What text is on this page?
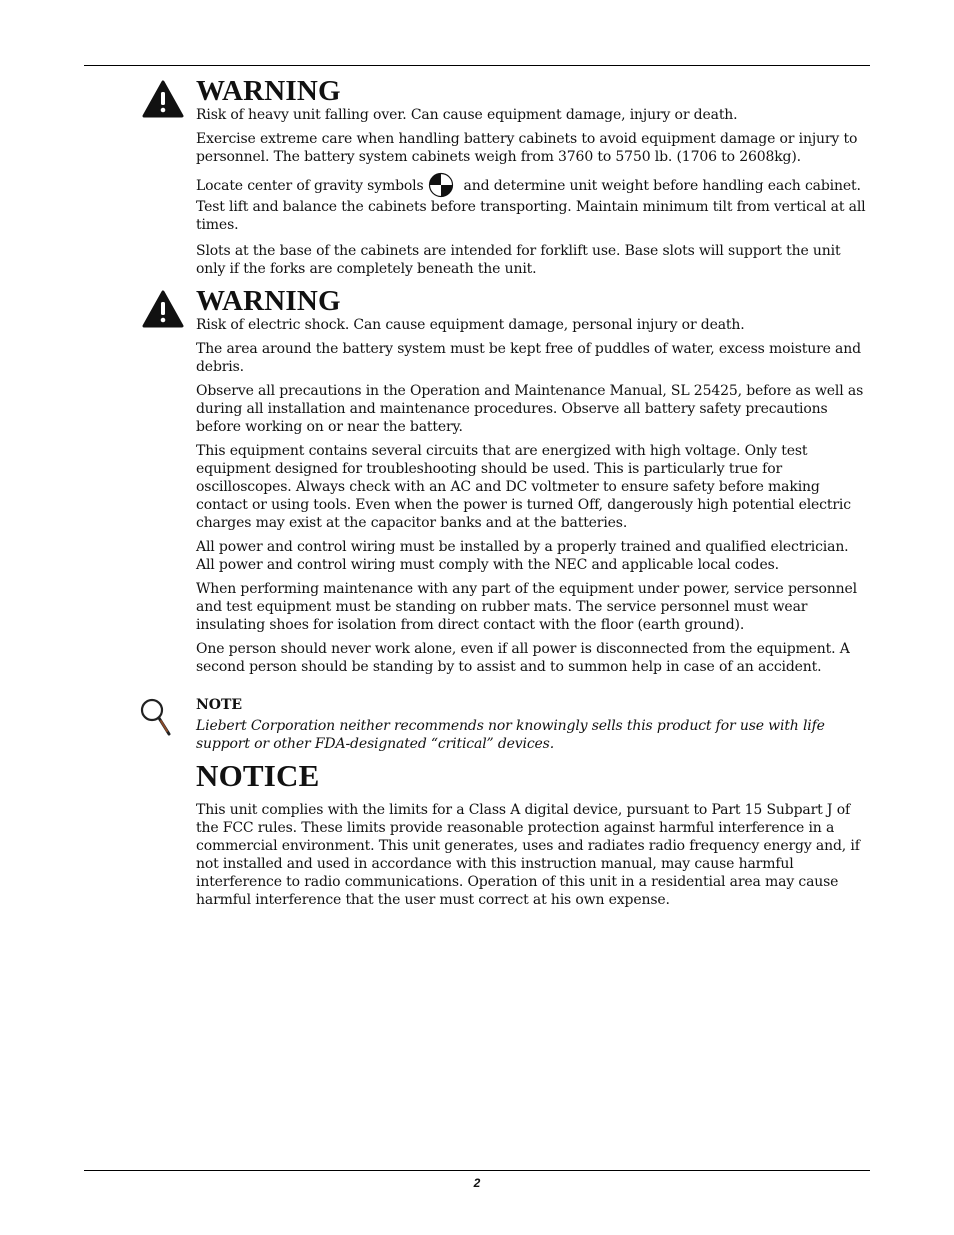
WARNING

Risk of heavy unit falling over. Can cause equipment damage, injury or death.

Exercise extreme care when handling battery cabinets to avoid equipment damage or injury to personnel. The battery system cabinets weigh from 3760 to 5750 lb. (1706 to 2608kg).

Locate center of gravity symbols	and determine unit weight before handling each cabinet. Test lift and balance the cabinets before transporting. Maintain minimum tilt from vertical at all times.

Slots at the base of the cabinets are intended for forklift use. Base slots will support the unit only if the forks are completely beneath the unit.

WARNING

Risk of electric shock. Can cause equipment damage, personal injury or death.

The area around the battery system must be kept free of puddles of water, excess moisture and debris.

Observe all precautions in the Operation and Maintenance Manual, SL 25425, before as well as during all installation and maintenance procedures. Observe all battery safety precautions before working on or near the battery.

This equipment contains several circuits that are energized with high voltage. Only test equipment designed for troubleshooting should be used. This is particularly true for oscilloscopes. Always check with an AC and DC voltmeter to ensure safety before making contact or using tools. Even when the power is turned Off, dangerously high potential electric charges may exist at the capacitor banks and at the batteries.

All power and control wiring must be installed by a properly trained and qualified electrician. All power and control wiring must comply with the NEC and applicable local codes.

When performing maintenance with any part of the equipment under power, service personnel and test equipment must be standing on rubber mats. The service personnel must wear insulating shoes for isolation from direct contact with the floor (earth ground).

One person should never work alone, even if all power is disconnected from the equipment. A second person should be standing by to assist and to summon help in case of an accident.

NOTE

Liebert Corporation neither recommends nor knowingly sells this product for use with life support or other FDA-designated “critical” devices.

NOTICE

This unit complies with the limits for a Class A digital device, pursuant to Part 15 Subpart J of the FCC rules. These limits provide reasonable protection against harmful interference in a commercial environment. This unit generates, uses and radiates radio frequency energy and, if not installed and used in accordance with this instruction manual, may cause harmful interference to radio communications. Operation of this unit in a residential area may cause harmful interference that the user must correct at his own expense.

2
